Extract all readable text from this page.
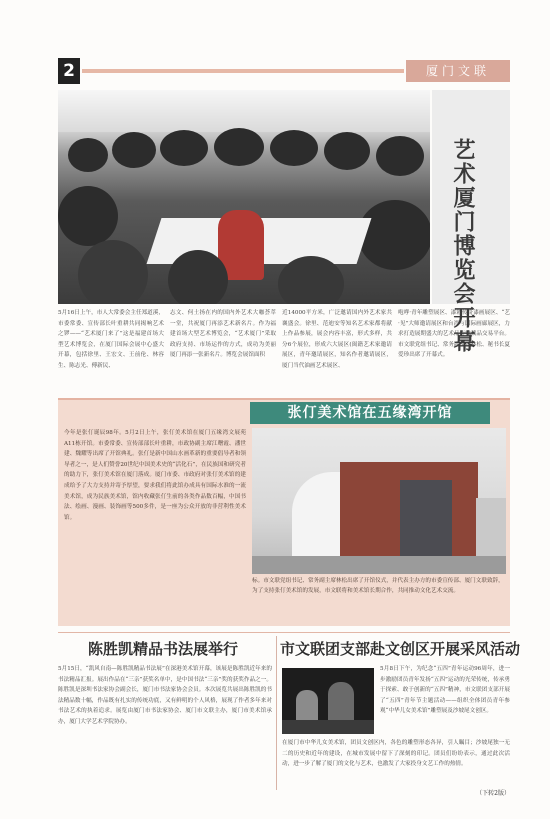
2	厦门文联
艺术厦门博览会开幕
5月16日上午，市人大常委会主任郑道溪，市委常委、宣传部长叶重耕共同揭响艺术之锣——“艺术厦门来了”这是福建首场大型艺术博览会，在厦门国际会展中心盛大开幕，包括徐里、王宏文、王前伦、林容生、陈志光、傅新民、
志文、何土扬在内的国内外艺术大咖荟萃一堂，共祝厦门再添艺术新名片。作为福建首场大型艺术博览会，“艺术厦门”采取政府支持、市场运作的方式，成功为美丽厦门再添一张新名片。博览会展馆面积
近14000平方米，广泛邀请国内外艺术家共襄盛会。徐里、范迪安等知名艺术家都将献上作品参展，展会内容丰富，形式多样，共分6个展位，形成六大展区(闽籍艺术家邀请展区，青年邀请展区，知名作者邀请展区，厦门当代油画艺术展区、
咆哮·青年雕塑展区、漆彩传奇漆画展区、“艺·见”大师邀请展区和台湾与国际画廊展区，力求打造展期盛大的艺术品与收藏品交易平台。市文联党组书记、常务副主席林松、秘书长夏爱珍出席了开幕式。
张仃美术馆在五缘湾开馆
今年是张仃诞辰98年。5月2日上午，张仃美术馆在厦门五缘湾文展苑A11栋开馆。市委常委、宣传部部长叶重耕，市政协副主席江曙霞、潘世建、魏耀等出席了开馆典礼。张仃是新中国山水画革新的重要倡导者和领导者之一，是人们赞誉20世纪中国美术史的“活化石”，在民族国和研究者的助力下，张仃美术馆在厦门落成。厦门市委、市政府对张仃美术馆的建成给予了大力支持并寄予厚望，要求我们将此馆办成具有国际水准的一流美术馆，成为民族美术馆，馆内收藏张仃生前的各类作品数百幅，中国书法、绘画、漫画、装饰画等500多件，是一座为公众开放的非营利性美术馆。
标。市文联党组书记、常务副主席林松出席了开馆仪式，并代表主办方的市委宣传部、厦门文联致辞，为了支持张仃美术馆的发展，市文联将和美术馆长期合作，共同推动文化艺术交流。
陈胜凯精品书法展举行	市文联团支部赴文创区开展采风活动
5月15日，“凯风自南—陈胜凯精品书法展”在深港美术馆开幕，该展是陈胜凯近年来的书法精品汇报。展出作品在“三亲”获奖名单中，是中国书法“三亲”奖的获奖作品之一。陈胜凯是深圳书法家协会副会长，厦门市书法家协会会员。本次展览共展出陈胜凯的书法精品数十幅，作品既有扎实的传统功底，又有鲜明的个人风格，展现了作者多年来对书法艺术的执着追求。展览由厦门市书法家协会、厦门市文联主办，厦门市美术馆承办，厦门大学艺术学院协办。
5月8日下午，为纪念“五四”青年运动96周年，进一步激励团员青年发扬“五四”运动的光荣传统，传承勇于探索、敢于创新的“五四”精神，市文联团支部开展了“五四”青年节主题活动——组织全体团员青年参观“中华儿女美术馆”雕塑展及沙坡尾文创区。
在厦门市中华儿女美术馆，团员文创区内，各色的雕塑形态各异，引人瞩目；沙坡尾独一无二的历史和近年的建设，在城市发展中留下了深刻的印记。团员们纷纷表示，通过此次活动，进一步了解了厦门的文化与艺术，也激发了大家投身文艺工作的热情。
（下转2版）
